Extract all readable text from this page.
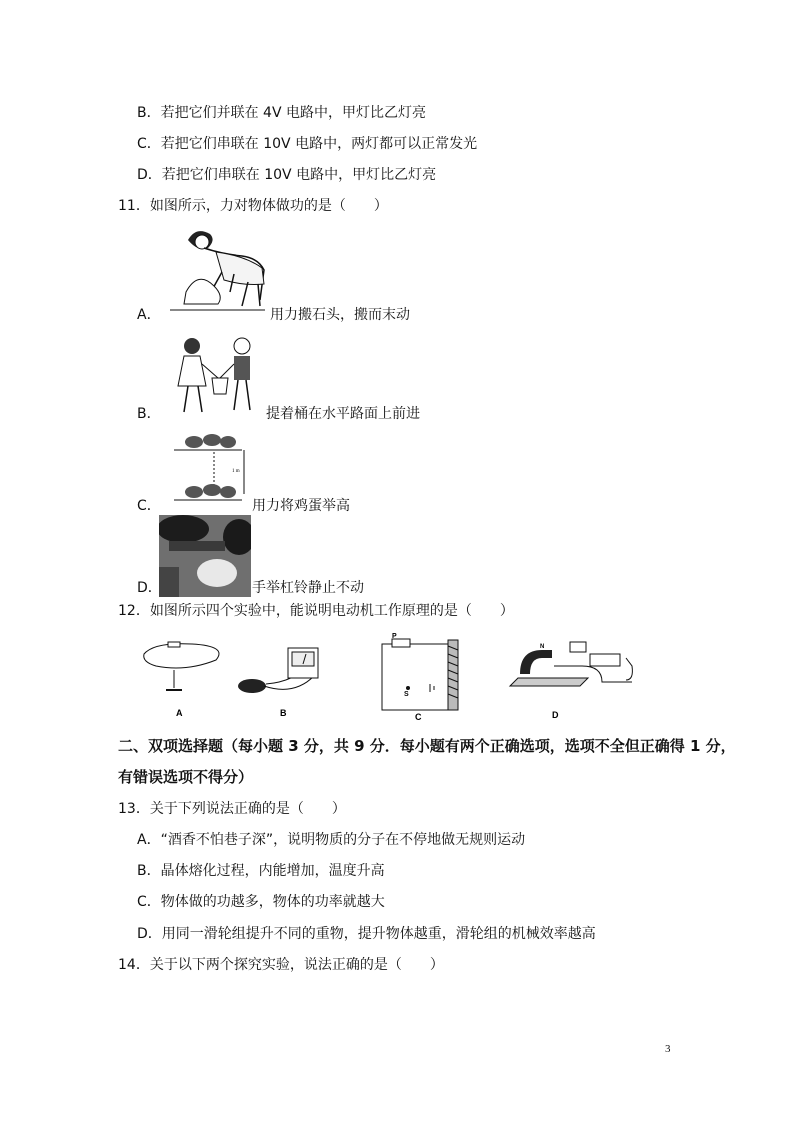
B．若把它们并联在 4V 电路中，甲灯比乙灯亮
C．若把它们串联在 10V 电路中，两灯都可以正常发光
D．若把它们串联在 10V 电路中，甲灯比乙灯亮
11．如图所示，力对物体做功的是（　　）
A．	用力搬石头，搬而末动
B．	提着桶在水平路面上前进
1 m
C．	用力将鸡蛋举高
D．	手举杠铃静止不动
12．如图所示四个实验中，能说明电动机工作原理的是（　　）
A	B
P
S
C
N
D
二、双项选择题（每小题 3 分，共 9 分．每小题有两个正确选项，选项不全但正确得 1 分，
有错误选项不得分）
13．关于下列说法正确的是（　　）
A．“酒香不怕巷子深”，说明物质的分子在不停地做无规则运动
B．晶体熔化过程，内能增加，温度升高
C．物体做的功越多，物体的功率就越大
D．用同一滑轮组提升不同的重物，提升物体越重，滑轮组的机械效率越高
14．关于以下两个探究实验，说法正确的是（　　）
3
